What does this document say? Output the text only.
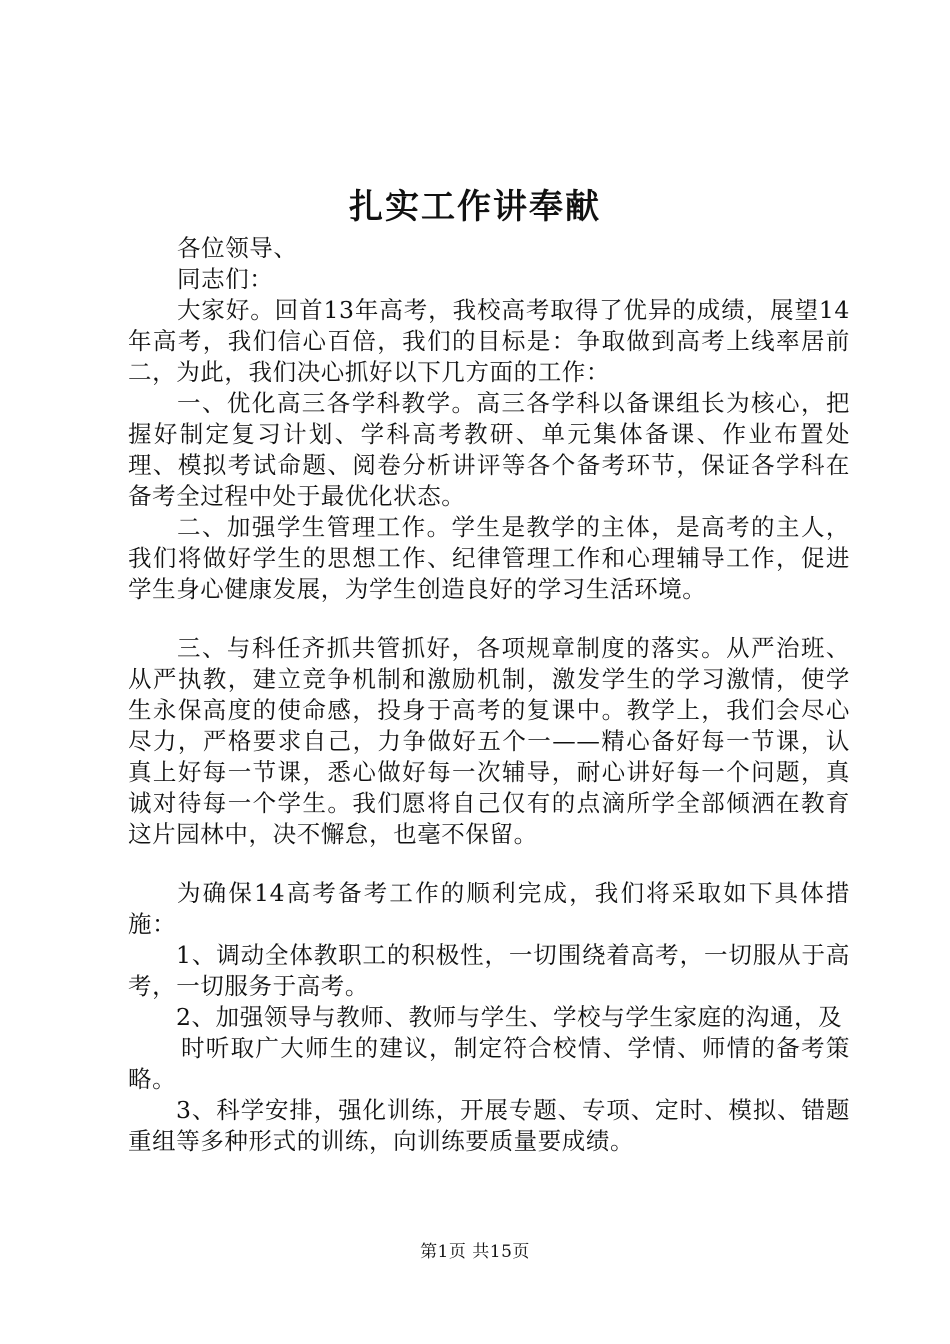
扎实工作讲奉献

各位领导、

同志们：

大家好。回首13年高考，我校高考取得了优异的成绩，展望14年高考，我们信心百倍，我们的目标是：争取做到高考上线率居前二，为此，我们决心抓好以下几方面的工作：

一、优化高三各学科教学。高三各学科以备课组长为核心，把握好制定复习计划、学科高考教研、单元集体备课、作业布置处理、模拟考试命题、阅卷分析讲评等各个备考环节，保证各学科在备考全过程中处于最优化状态。

二、加强学生管理工作。学生是教学的主体，是高考的主人，我们将做好学生的思想工作、纪律管理工作和心理辅导工作，促进学生身心健康发展，为学生创造良好的学习生活环境。

三、与科任齐抓共管抓好，各项规章制度的落实。从严治班、从严执教，建立竞争机制和激励机制，激发学生的学习激情，使学生永保高度的使命感，投身于高考的复课中。教学上，我们会尽心尽力，严格要求自己，力争做好五个一——精心备好每一节课，认真上好每一节课，悉心做好每一次辅导，耐心讲好每一个问题，真诚对待每一个学生。我们愿将自己仅有的点滴所学全部倾洒在教育这片园林中，决不懈怠，也毫不保留。

为确保14高考备考工作的顺利完成，我们将采取如下具体措施：

1、调动全体教职工的积极性，一切围绕着高考，一切服从于高考，一切服务于高考。

2、加强领导与教师、教师与学生、学校与学生家庭的沟通，及

时听取广大师生的建议，制定符合校情、学情、师情的备考策略。

3、科学安排，强化训练，开展专题、专项、定时、模拟、错题重组等多种形式的训练，向训练要质量要成绩。

第1页 共15页
